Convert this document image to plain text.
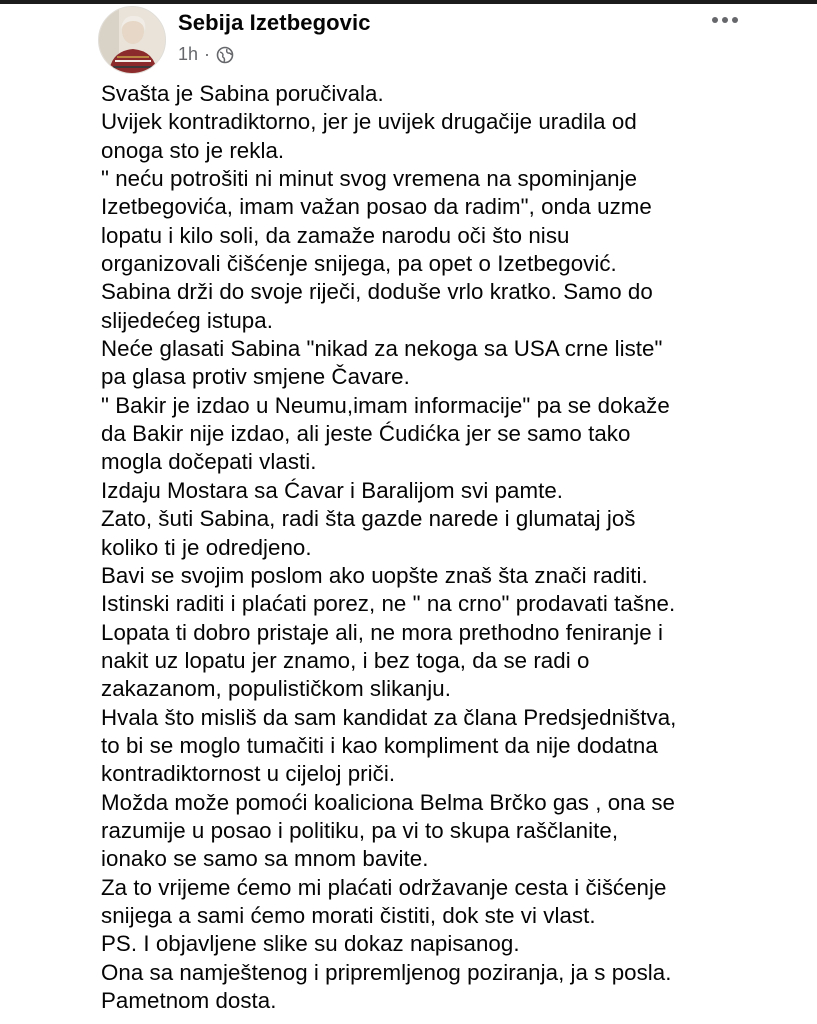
Sebija Izetbegovic
1h ·

Svašta je Sabina poručivala.

Uvijek kontradiktorno, jer je uvijek drugačije uradila od

onoga sto je rekla.

" neću potrošiti ni minut svog vremena na spominjanje

Izetbegovića, imam važan posao da radim", onda uzme

lopatu i kilo soli, da zamaže narodu oči što nisu

organizovali čišćenje snijega, pa opet o Izetbegović.

Sabina drži do svoje riječi, doduše vrlo kratko. Samo do

slijedećeg istupa.

Neće glasati Sabina "nikad za nekoga sa USA crne liste"

pa glasa protiv smjene Čavare.

" Bakir je izdao u Neumu,imam informacije" pa se dokaže

da Bakir nije izdao, ali jeste Ćudićka jer se samo tako

mogla dočepati vlasti.

Izdaju Mostara sa Ćavar i Baralijom svi pamte.

Zato, šuti Sabina, radi šta gazde narede i glumataj još

koliko ti je odredjeno.

Bavi se svojim poslom ako uopšte znaš šta znači raditi.

Istinski raditi i plaćati porez, ne " na crno" prodavati tašne.

Lopata ti dobro pristaje ali, ne mora prethodno feniranje i

nakit uz lopatu jer znamo, i bez toga, da se radi o

zakazanom, populističkom slikanju.

Hvala što misliš da sam kandidat za člana Predsjedništva,

to bi se moglo tumačiti i kao kompliment da nije dodatna

kontradiktornost u cijeloj priči.

Možda može pomoći koaliciona Belma Brčko gas , ona se

razumije u posao i politiku, pa vi to skupa raščlanite,

ionako se samo sa mnom bavite.

Za to vrijeme ćemo mi plaćati održavanje cesta i čišćenje

snijega a sami ćemo morati čistiti, dok ste vi vlast.

PS. I objavljene slike su dokaz napisanog.

Ona sa namještenog i pripremljenog poziranja, ja s posla.

Pametnom dosta.
